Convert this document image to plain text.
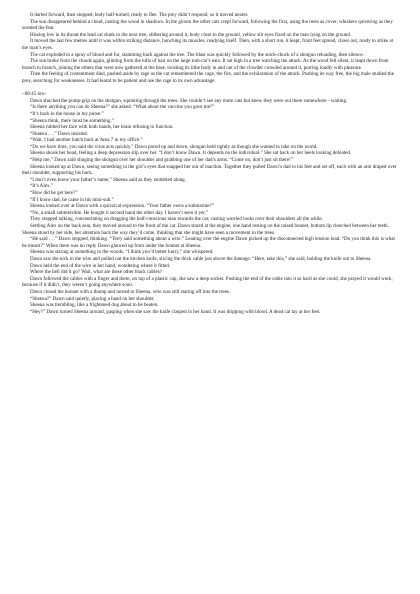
It darted forward, then stopped, body half-turned, ready to flee. The prey didn’t respond, so it moved nearer.

The sun disappeared behind a cloud, casting the wood in shadows. In the gloom the other cats crept forward, following the first, using the trees as cover, whiskers quivering as they scented the fear.

Hissing low in its throat the lead cat slunk to the next tree, slithering around it, body close to the ground, yellow slit eyes fixed on the man lying on the ground.

It moved the last few metres until it was within striking distance, bunching its muscles, readying itself. Then, with a short run, it leapt, front feet spread, claws out, ready to strike at the man’s eyes.

The cat exploded in a spray of blood and fur, slamming back against the tree. The blast was quickly followed by the snick-chuck of a shotgun reloading, then silence.

The sun broke from the clouds again, glinting from the tufts of hair on the large tom-cat’s ears. It sat high in a tree watching the attack. As the wood fell silent, it leapt down from branch to branch, joining the others that were now gathered at the base, twisting its lithe body in and out of the clowder crowded around it, purring loudly with pleasure.

Then the feeling of contentment died, pushed aside by rage as the cat remembered the cage, the fire, and the exhilaration of the attack. Pushing its way free, the big male studied the prey, searching for weaknesses. It had learnt to be patient and use the rage to its own advantage.

~08:45 hrs~

Dawn shucked the pump-grip on the shotgun, squinting through the trees. She couldn’t see any more cats but knew they were out there somewhere - waiting.

“Is there anything you can do Sheena?” she asked. “What about the vaccine you gave me?”

“It’s back in the house in my purse.”

“Sheena think, there must be something.”

Sheena rubbed her face with both hands, her brain refusing to function.

“Sheena . . .” Dawn insisted.

“Wait, I had another batch back at Area 7 in my office.”

“Do we have time, you said the virus acts quickly.” Dawn paced up and down, shotgun held tightly as though she wanted to take on the world.

Sheena shook her head, feeling a deep depression slip over her. “I don’t know Dawn. It depends on the individual.” She sat back on her heels looking defeated.

“Help me,” Dawn said slinging the shotgun over her shoulder and grabbing one of her dad’s arms. “Come on, don’t just sit there!”

Sheena looked up at Dawn, seeing something in the girl’s eyes that snapped her out of inaction. Together they pulled Dawn’s dad to his feet and set off, each with an arm draped over their shoulder, supporting his back.

“I don’t even know your father’s name,” Sheena said as they stumbled along.

“It’s Alex.”

“How did he get here?”

“If I know dad, he came in his mini-sub.”

Sheena looked over at Dawn with a quizzical expression. “Your father owns a submarine?”

“No, a small submersible. He bought it second hand the other day. I haven’t seen it yet.”

They stopped talking, concentrating on dragging the half-conscious man towards the car, casting worried looks over their shoulders all the while.

Settling Alex on the back seat, they moved around to the front of the car. Dawn stared at the engine, one hand resting on the raised bonnet, bottom lip clenched between her teeth. Sheena stood by her side, her attention back the way they’d come, thinking that she might have seen a movement in the trees.

“He said . . .” Dawn stopped, thinking. “Terry said something about a wire.” Leaning over the engine Dawn picked up the disconnected high tension lead. “Do you think this is what he meant?” When there was no reply Dawn glanced up from under the bonnet at Sheena.

Sheena was staring at something in the woods. “I think you’d better hurry,” she whispered.

Dawn saw the nick in the wire and pulled out the kitchen knife, slicing the thick cable just above the damage. “Here, take this,” she said, holding the knife out to Sheena.

Dawn held the end of the wire in her hand, wondering where it fitted.

Where the hell did it go? Wait, what are these other black cables?

Dawn followed the cables with a finger and there, on top of a plastic cap, she saw a deep socket. Pushing the end of the cable into it as hard as she could, she prayed it would work, because if it didn’t, they weren’t going anywhere soon.

Dawn closed the bonnet with a thump and turned to Sheena, who was still staring off into the trees.

“Sheena?” Dawn said quietly, placing a hand on her shoulder.

Sheena was trembling, like a frightened dog about to be beaten.

“Hey?” Dawn turned Sheena around, gasping when she saw the knife clasped in her hand. It was dripping with blood. A dead cat lay at her feet.
